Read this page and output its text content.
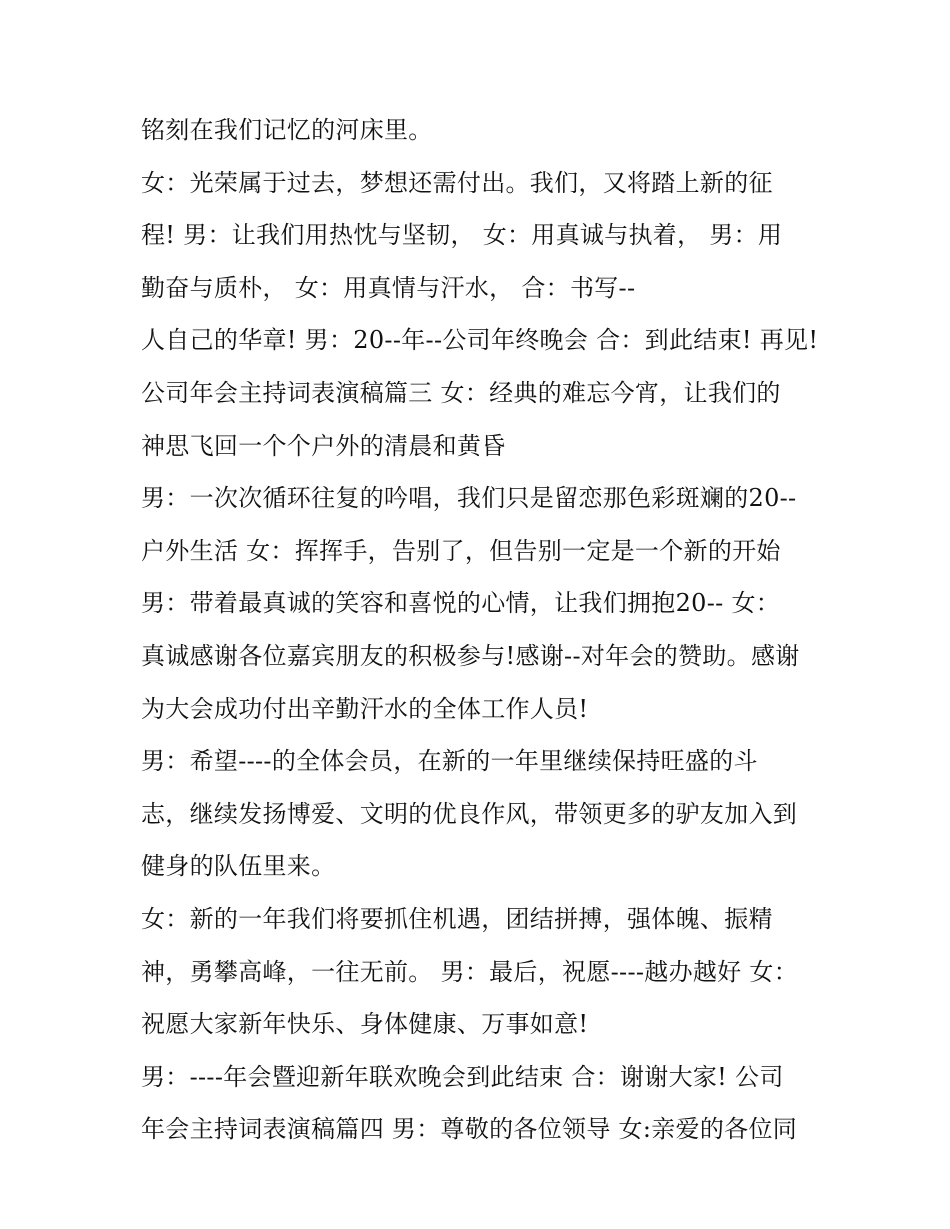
铭刻在我们记忆的河床里。
女：光荣属于过去，梦想还需付出。我们，又将踏上新的征
程! 男：让我们用热忱与坚韧， 女：用真诚与执着， 男：用
勤奋与质朴， 女：用真情与汗水， 合：书写--
人自己的华章! 男：20--年--公司年终晚会 合：到此结束! 再见!
公司年会主持词表演稿篇三 女：经典的难忘今宵，让我们的
神思飞回一个个户外的清晨和黄昏
男：一次次循环往复的吟唱，我们只是留恋那色彩斑斓的20--
户外生活 女：挥挥手，告别了，但告别一定是一个新的开始
男：带着最真诚的笑容和喜悦的心情，让我们拥抱20-- 女：
真诚感谢各位嘉宾朋友的积极参与!感谢--对年会的赞助。感谢
为大会成功付出辛勤汗水的全体工作人员!
男：希望----的全体会员，在新的一年里继续保持旺盛的斗
志，继续发扬博爱、文明的优良作风，带领更多的驴友加入到
健身的队伍里来。
女：新的一年我们将要抓住机遇，团结拼搏，强体魄、振精
神，勇攀高峰，一往无前。 男：最后，祝愿----越办越好 女：
祝愿大家新年快乐、身体健康、万事如意!
男：----年会暨迎新年联欢晚会到此结束 合：谢谢大家! 公司
年会主持词表演稿篇四 男：尊敬的各位领导 女:亲爱的各位同
